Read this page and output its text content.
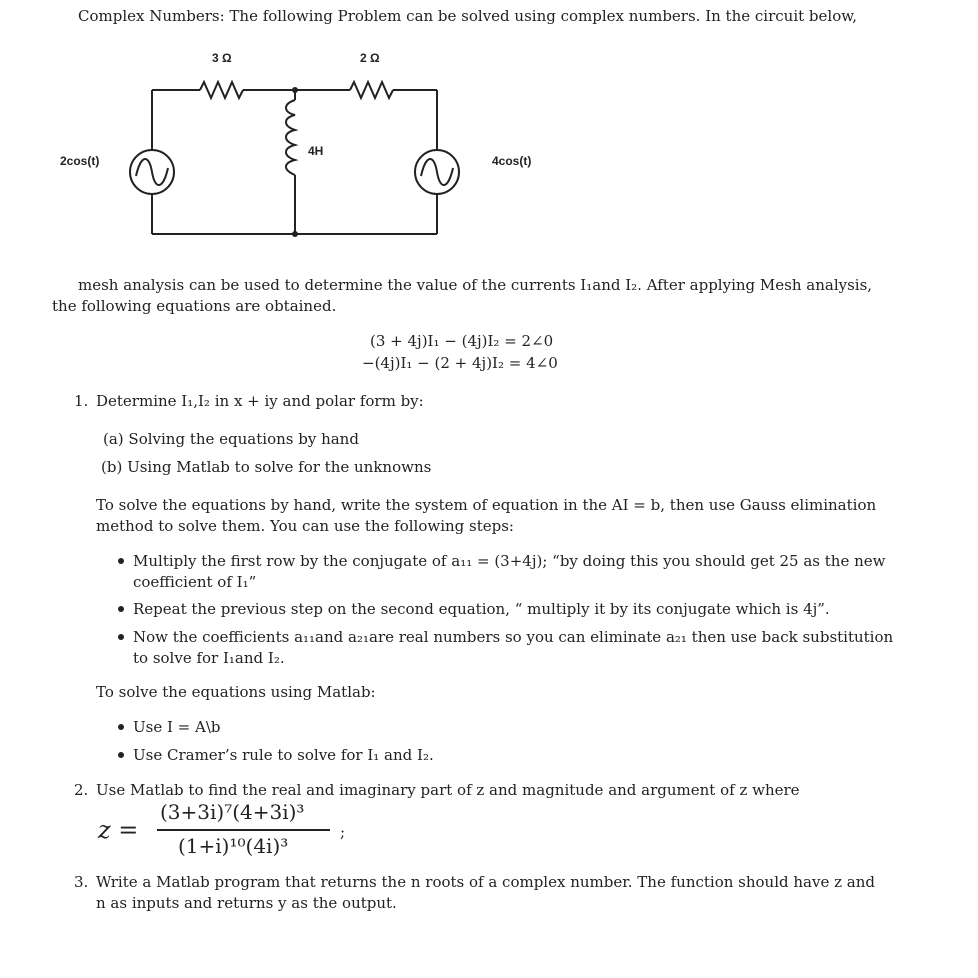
Complex Numbers: The following Problem can be solved using complex numbers. In the circuit below,
3 Ω	2 Ω
4H
2cos(t)	4cos(t)
mesh analysis can be used to determine the value of the currents I₁and I₂. After applying Mesh analysis,
the following equations are obtained.
(3 + 4j)I₁ − (4j)I₂ = 2∠0
−(4j)I₁ − (2 + 4j)I₂ = 4∠0
1. Determine I₁,I₂ in x + iy and polar form by:
(a) Solving the equations by hand
(b) Using Matlab to solve for the unknowns
To solve the equations by hand, write the system of equation in the AI = b, then use Gauss elimination
method to solve them. You can use the following steps:
Multiply the first row by the conjugate of a₁₁ = (3+4j); “by doing this you should get 25 as the new
coefficient of I₁”
Repeat the previous step on the second equation, “ multiply it by its conjugate which is 4j”.
Now the coefficients a₁₁and a₂₁are real numbers so you can eliminate a₂₁ then use back substitution
to solve for I₁and I₂.
To solve the equations using Matlab:
Use I = A\b
Use Cramer’s rule to solve for I₁ and I₂.
2. Use Matlab to find the real and imaginary part of z and magnitude and argument of z where
z =
(3+3i)⁷(4+3i)³
(1+i)¹⁰(4i)³
;
3. Write a Matlab program that returns the n roots of a complex number. The function should have z and
n as inputs and returns y as the output.
